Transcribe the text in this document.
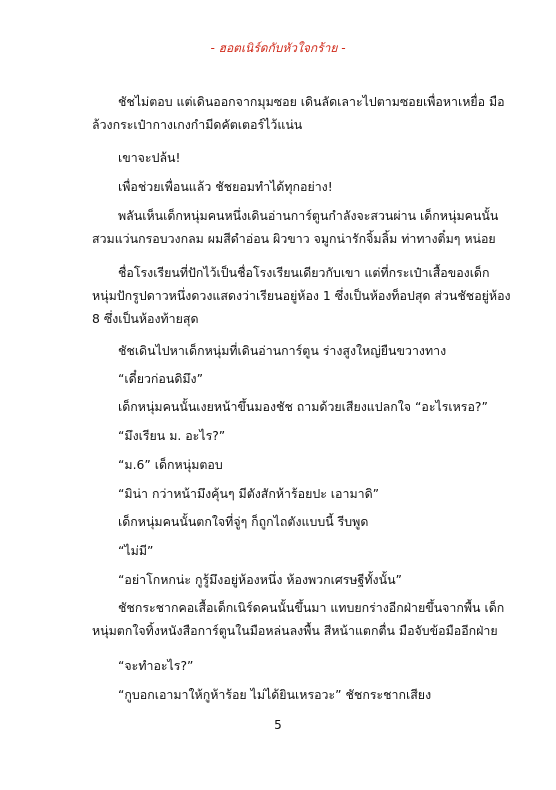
- ฮอตเนิร์ดกับหัวใจกร้าย -
ชัชไม่ตอบ แต่เดินออกจากมุมซอย เดินลัดเลาะไปตามซอยเพื่อหาเหยื่อ มือล้วงกระเป๋ากางเกงกำมีดคัตเตอร์ไว้แน่น
เขาจะปล้น!
เพื่อช่วยเพื่อนแล้ว ชัชยอมทำได้ทุกอย่าง!
พลันเห็นเด็กหนุ่มคนหนึ่งเดินอ่านการ์ตูนกำลังจะสวนผ่าน เด็กหนุ่มคนนั้นสวมแว่นกรอบวงกลม ผมสีดำอ่อน ผิวขาว จมูกน่ารักจิ้มลิ้ม ท่าทางติ๋มๆ หน่อย
ชื่อโรงเรียนที่ปักไว้เป็นชื่อโรงเรียนเดียวกับเขา แต่ที่กระเป๋าเสื้อของเด็กหนุ่มปักรูปดาวหนึ่งดวงแสดงว่าเรียนอยู่ห้อง 1 ซึ่งเป็นห้องท็อปสุด ส่วนชัชอยู่ห้อง 8 ซึ่งเป็นห้องท้ายสุด
ชัชเดินไปหาเด็กหนุ่มที่เดินอ่านการ์ตูน ร่างสูงใหญ่ยืนขวางทาง
“เดี๋ยวก่อนดิมึง”
เด็กหนุ่มคนนั้นเงยหน้าขึ้นมองชัช ถามด้วยเสียงแปลกใจ “อะไรเหรอ?”
“มึงเรียน ม. อะไร?”
“ม.6” เด็กหนุ่มตอบ
“มิน่า กว่าหน้ามึงคุ้นๆ มีตังสักห้าร้อยปะ เอามาดิ”
เด็กหนุ่มคนนั้นตกใจที่จู่ๆ ก็ถูกไถตังแบบนี้ รีบพูด
“ไม่มี”
“อย่าโกหกน่ะ กูรู้มึงอยู่ห้องหนึ่ง ห้องพวกเศรษฐีทั้งนั้น”
ชัชกระชากคอเสื้อเด็กเนิร์ดคนนั้นขึ้นมา แทบยกร่างอีกฝ่ายขึ้นจากพื้น เด็กหนุ่มตกใจทิ้งหนังสือการ์ตูนในมือหล่นลงพื้น สีหน้าแตกตื่น มือจับข้อมืออีกฝ่าย
“จะทำอะไร?”
“กูบอกเอามาให้กูห้าร้อย ไม่ได้ยินเหรอวะ” ชัชกระชากเสียง
5
